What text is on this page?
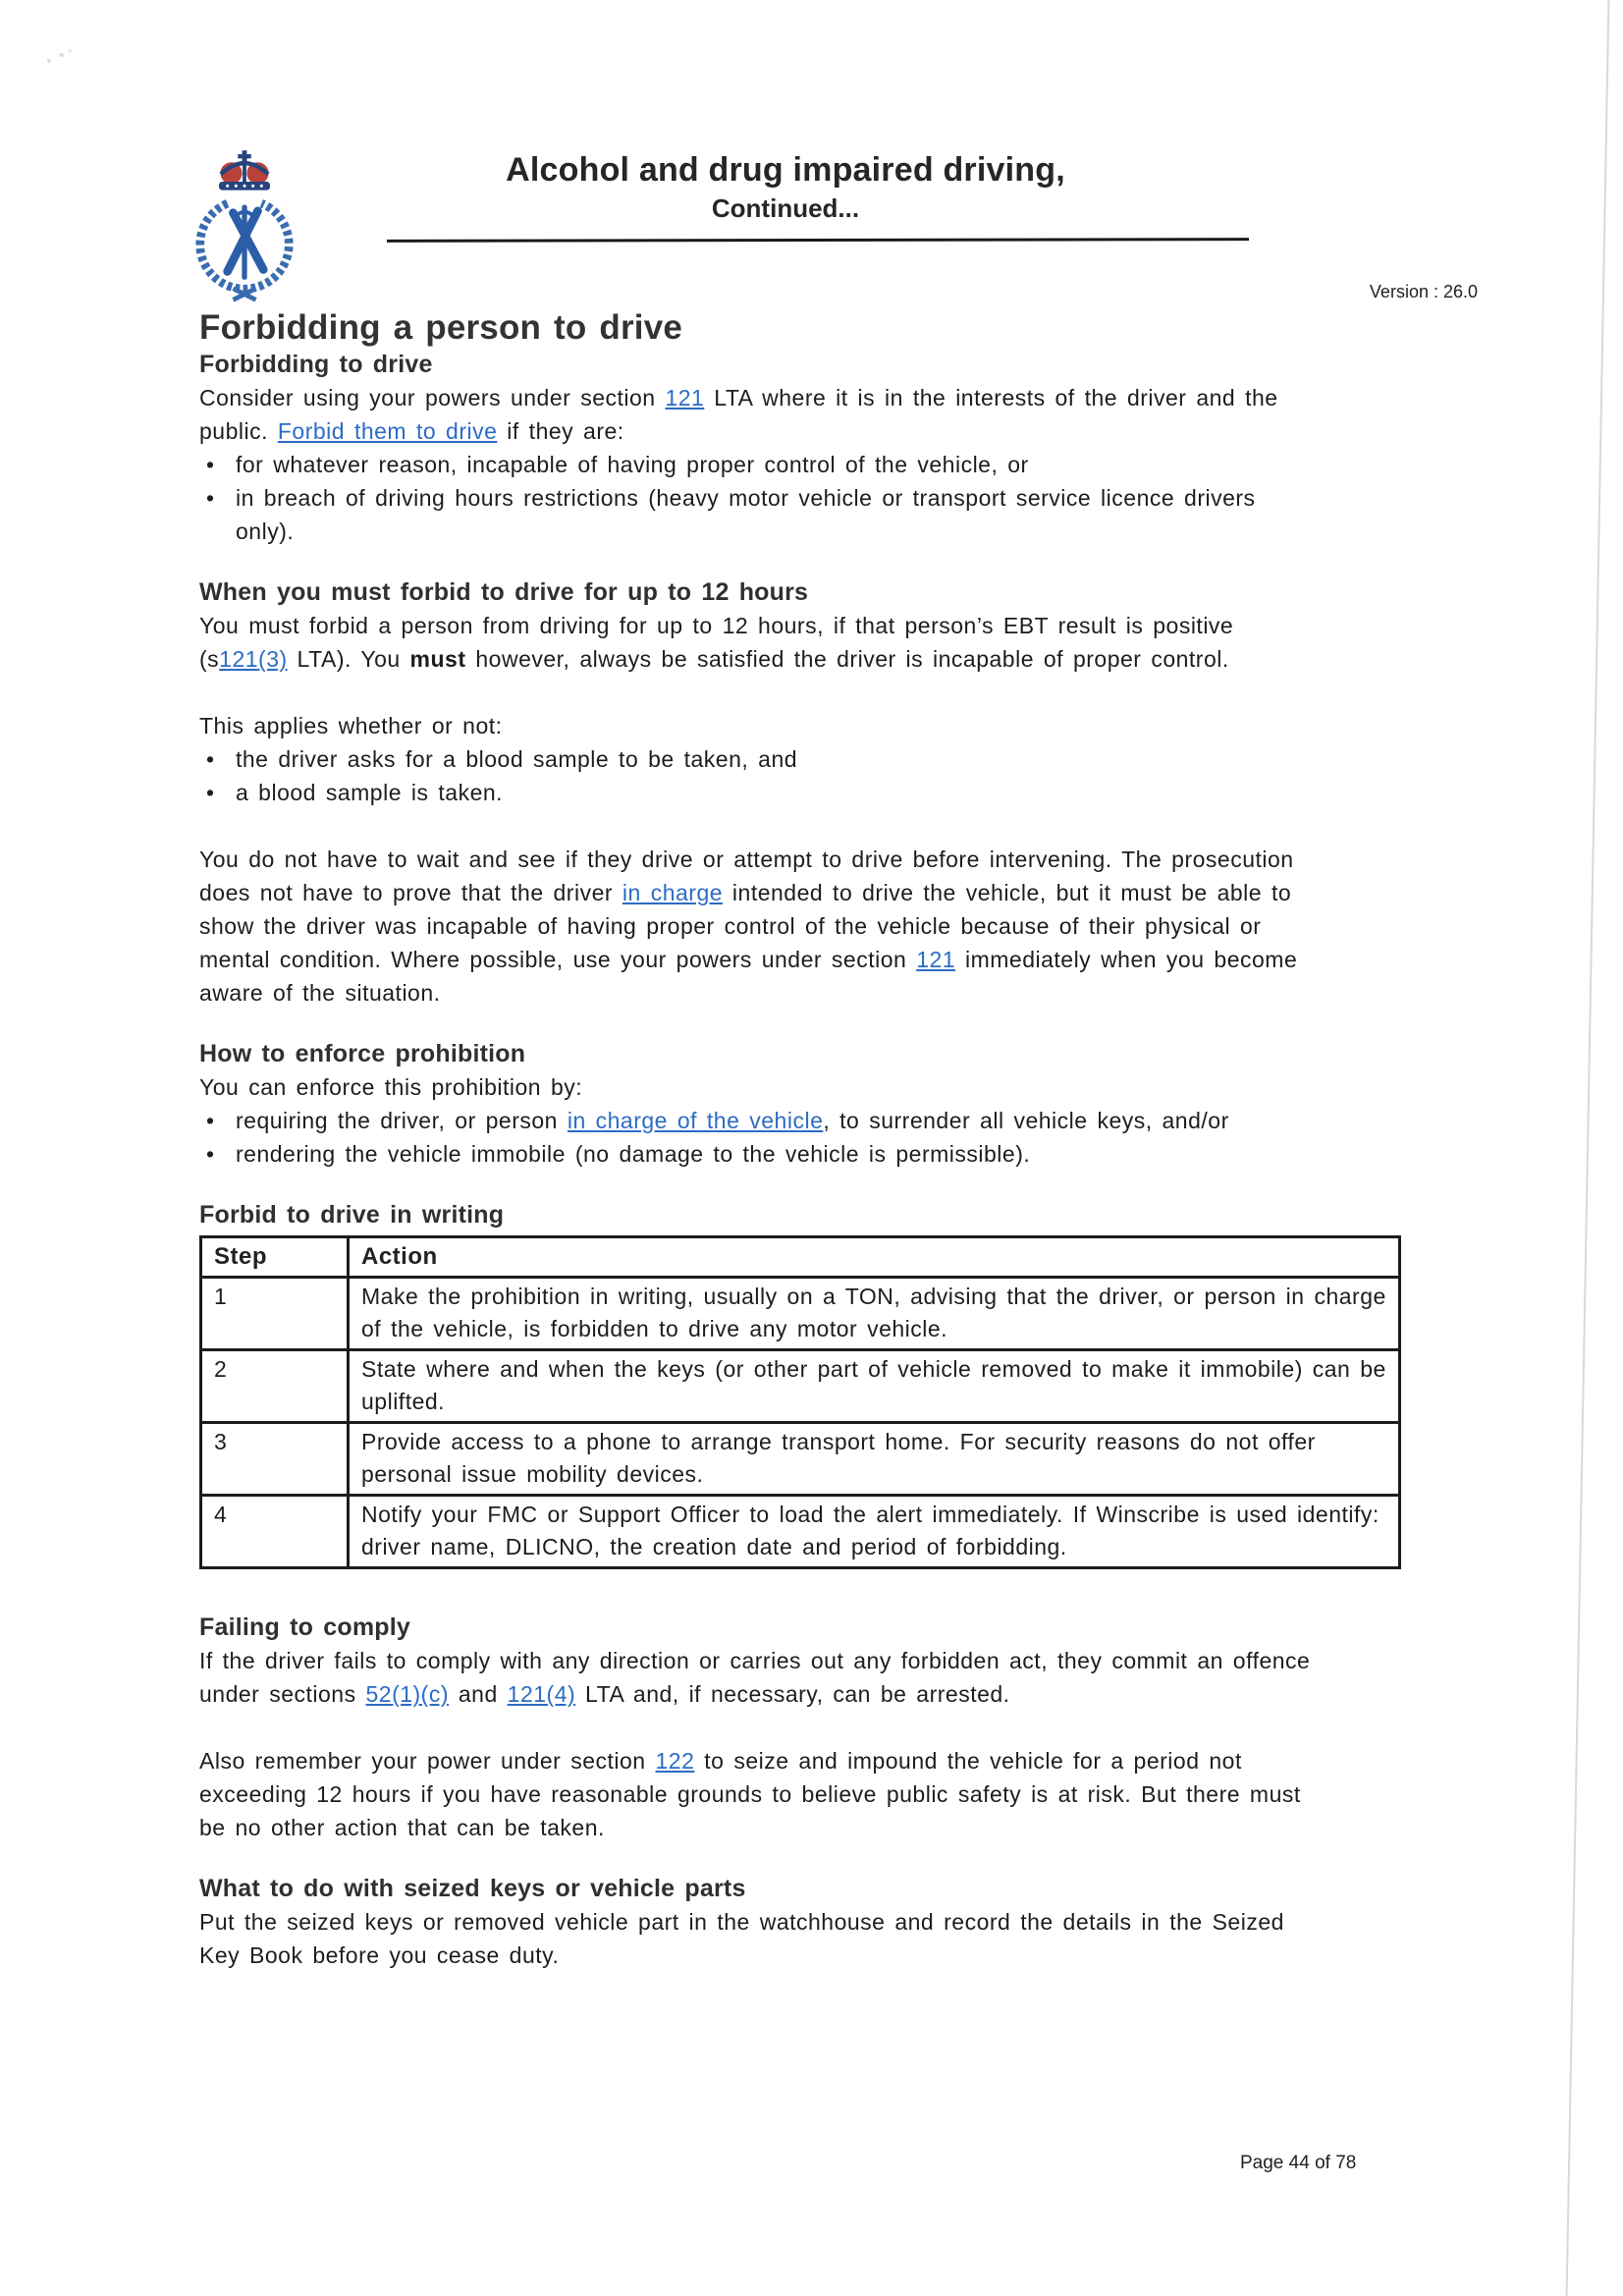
Alcohol and drug impaired driving,
Continued...
Version : 26.0
Forbidding a person to drive
Forbidding to drive

Consider using your powers under section 121 LTA where it is in the interests of the driver and the public. Forbid them to drive if they are:

• for whatever reason, incapable of having proper control of the vehicle, or
• in breach of driving hours restrictions (heavy motor vehicle or transport service licence drivers only).
When you must forbid to drive for up to 12 hours

You must forbid a person from driving for up to 12 hours, if that person’s EBT result is positive (s121(3) LTA). You must however, always be satisfied the driver is incapable of proper control.

This applies whether or not:

• the driver asks for a blood sample to be taken, and
• a blood sample is taken.

You do not have to wait and see if they drive or attempt to drive before intervening. The prosecution does not have to prove that the driver in charge intended to drive the vehicle, but it must be able to show the driver was incapable of having proper control of the vehicle because of their physical or mental condition. Where possible, use your powers under section 121 immediately when you become aware of the situation.

How to enforce prohibition

You can enforce this prohibition by:

• requiring the driver, or person in charge of the vehicle, to surrender all vehicle keys, and/or
• rendering the vehicle immobile (no damage to the vehicle is permissible).
Forbid to drive in writing
Step	Action
1	Make the prohibition in writing, usually on a TON, advising that the driver, or person in charge of the vehicle, is forbidden to drive any motor vehicle.
2	State where and when the keys (or other part of vehicle removed to make it immobile) can be uplifted.
3	Provide access to a phone to arrange transport home. For security reasons do not offer personal issue mobility devices.
4	Notify your FMC or Support Officer to load the alert immediately. If Winscribe is used identify: driver name, DLICNO, the creation date and period of forbidding.
Failing to comply

If the driver fails to comply with any direction or carries out any forbidden act, they commit an offence under sections 52(1)(c) and 121(4) LTA and, if necessary, can be arrested.

Also remember your power under section 122 to seize and impound the vehicle for a period not exceeding 12 hours if you have reasonable grounds to believe public safety is at risk. But there must be no other action that can be taken.

What to do with seized keys or vehicle parts

Put the seized keys or removed vehicle part in the watchhouse and record the details in the Seized Key Book before you cease duty.

Page 44 of 78
